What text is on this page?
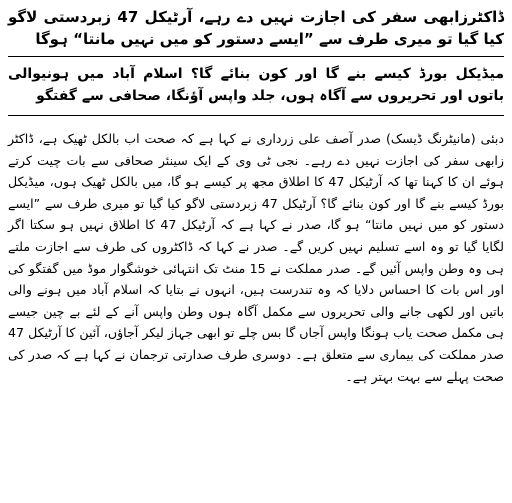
ڈاکٹرزابھی سفر کی اجازت نہیں دے رہے، آرٹیکل 47 زبردستی لاگو کیا گیا تو میری طرف سے ”ایسے دستور کو میں نہیں مانتا“ ہوگا

میڈیکل بورڈ کیسے بنے گا اور کون بنائے گا؟ اسلام آباد میں ہونیوالی باتوں اور تحریروں سے آگاہ ہوں، جلد واپس آؤنگا، صحافی سے گفتگو

دبئی (مانیٹرنگ ڈیسک) صدر آصف علی زرداری نے کہا ہے کہ صحت اب بالکل ٹھیک ہے، ڈاکٹر زابھی سفر کی اجازت نہیں دے رہے۔ نجی ٹی وی کے ایک سینئر صحافی سے بات چیت کرتے ہوئے ان کا کہنا تھا کہ آرٹیکل 47 کا اطلاق مجھ پر کیسے ہو گا، میں بالکل ٹھیک ہوں، میڈیکل بورڈ کیسے بنے گا اور کون بنائے گا؟ آرٹیکل 47 زبردستی لاگو کیا گیا تو میری طرف سے ”ایسے دستور کو میں نہیں مانتا“ ہو گا، صدر نے کہا ہے کہ آرٹیکل 47 کا اطلاق نہیں ہو سکتا اگر لگایا گیا تو وہ اسے تسلیم نہیں کریں گے۔ صدر نے کہا کہ ڈاکٹروں کی طرف سے اجازت ملتے ہی وہ وطن واپس آئیں گے۔ صدر مملکت نے 15 منٹ تک انتہائی خوشگوار موڈ میں گفتگو کی اور اس بات کا احساس دلایا کہ وہ تندرست ہیں، انہوں نے بتایا کہ اسلام آباد میں ہونے والی باتیں اور لکھی جانے والی تحریروں سے مکمل آگاہ ہوں وطن واپس آنے کے لئے بے چین جیسے ہی مکمل صحت یاب ہونگا واپس آجاں گا بس چلے تو ابھی جہاز لیکر آجاؤں، آئین کا آرٹیکل 47 صدر مملکت کی بیماری سے متعلق ہے۔ دوسری طرف صدارتی ترجمان نے کہا ہے کہ صدر کی صحت پہلے سے بہت بہتر ہے۔
